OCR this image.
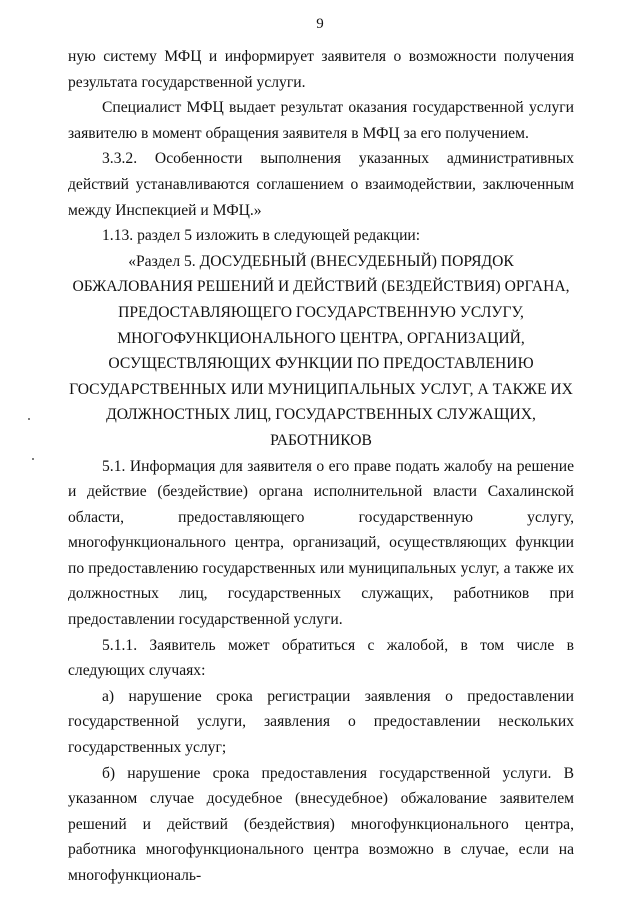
9

ную систему МФЦ и информирует заявителя о возможности получения результата государственной услуги.

Специалист МФЦ выдает результат оказания государственной услуги заявителю в момент обращения заявителя в МФЦ за его получением.

3.3.2. Особенности выполнения указанных административных действий устанавливаются соглашением о взаимодействии, заключенным между Инспекцией и МФЦ.»

1.13. раздел 5 изложить в следующей редакции:

«Раздел 5. ДОСУДЕБНЫЙ (ВНЕСУДЕБНЫЙ) ПОРЯДОК ОБЖАЛОВАНИЯ РЕШЕНИЙ И ДЕЙСТВИЙ (БЕЗДЕЙСТВИЯ) ОРГАНА, ПРЕДОСТАВЛЯЮЩЕГО ГОСУДАРСТВЕННУЮ УСЛУГУ, МНОГОФУНКЦИОНАЛЬНОГО ЦЕНТРА, ОРГАНИЗАЦИЙ, ОСУЩЕСТВЛЯЮЩИХ ФУНКЦИИ ПО ПРЕДОСТАВЛЕНИЮ ГОСУДАРСТВЕННЫХ ИЛИ МУНИЦИПАЛЬНЫХ УСЛУГ, А ТАКЖЕ ИХ ДОЛЖНОСТНЫХ ЛИЦ, ГОСУДАРСТВЕННЫХ СЛУЖАЩИХ, РАБОТНИКОВ

5.1. Информация для заявителя о его праве подать жалобу на решение и действие (бездействие) органа исполнительной власти Сахалинской области, предоставляющего государственную услугу, многофункционального центра, организаций, осуществляющих функции по предоставлению государственных или муниципальных услуг, а также их должностных лиц, государственных служащих, работников при предоставлении государственной услуги.

5.1.1. Заявитель может обратиться с жалобой, в том числе в следующих случаях:

а) нарушение срока регистрации заявления о предоставлении государственной услуги, заявления о предоставлении нескольких государственных услуг;

б) нарушение срока предоставления государственной услуги. В указанном случае досудебное (внесудебное) обжалование заявителем решений и действий (бездействия) многофункционального центра, работника многофункционального центра возможно в случае, если на многофункциональ-
